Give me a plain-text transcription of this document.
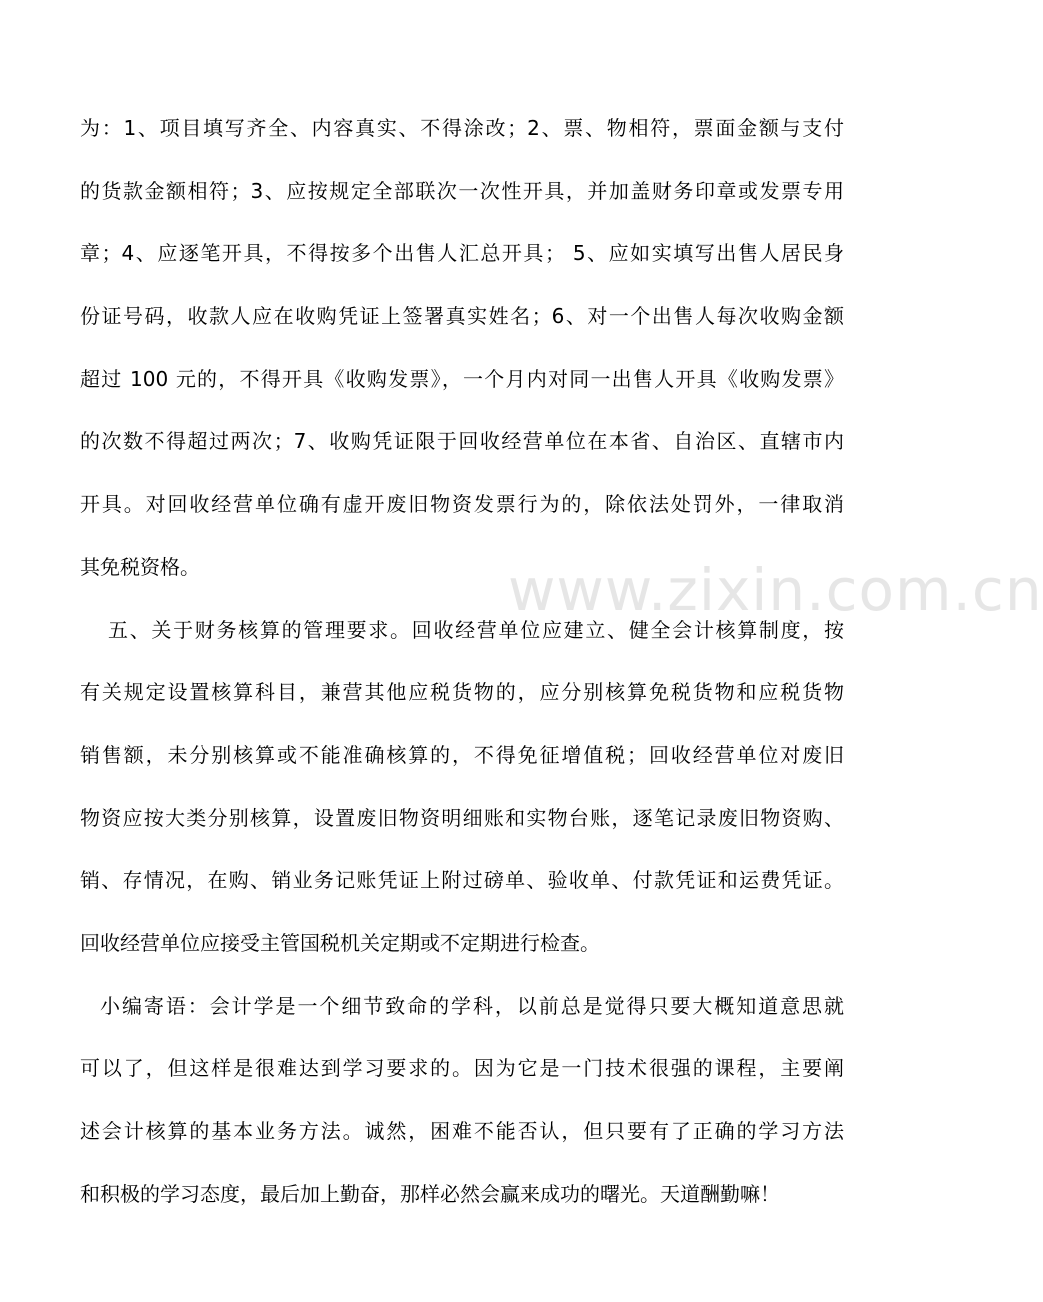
www.zixin.com.cn
为：1、项目填写齐全、内容真实、不得涂改；2、票、物相符，票面金额与支付
的货款金额相符；3、应按规定全部联次一次性开具，并加盖财务印章或发票专用
章；4、应逐笔开具，不得按多个出售人汇总开具； 5、应如实填写出售人居民身
份证号码，收款人应在收购凭证上签署真实姓名；6、对一个出售人每次收购金额
超过 100 元的，不得开具《收购发票》，一个月内对同一出售人开具《收购发票》
的次数不得超过两次；7、收购凭证限于回收经营单位在本省、自治区、直辖市内
开具。对回收经营单位确有虚开废旧物资发票行为的，除依法处罚外，一律取消
其免税资格。
五、关于财务核算的管理要求。回收经营单位应建立、健全会计核算制度，按
有关规定设置核算科目，兼营其他应税货物的，应分别核算免税货物和应税货物
销售额，未分别核算或不能准确核算的，不得免征增值税；回收经营单位对废旧
物资应按大类分别核算，设置废旧物资明细账和实物台账，逐笔记录废旧物资购、
销、存情况，在购、销业务记账凭证上附过磅单、验收单、付款凭证和运费凭证。
回收经营单位应接受主管国税机关定期或不定期进行检查。
小编寄语：会计学是一个细节致命的学科，以前总是觉得只要大概知道意思就
可以了，但这样是很难达到学习要求的。因为它是一门技术很强的课程，主要阐
述会计核算的基本业务方法。诚然，困难不能否认，但只要有了正确的学习方法
和积极的学习态度，最后加上勤奋，那样必然会赢来成功的曙光。天道酬勤嘛！
